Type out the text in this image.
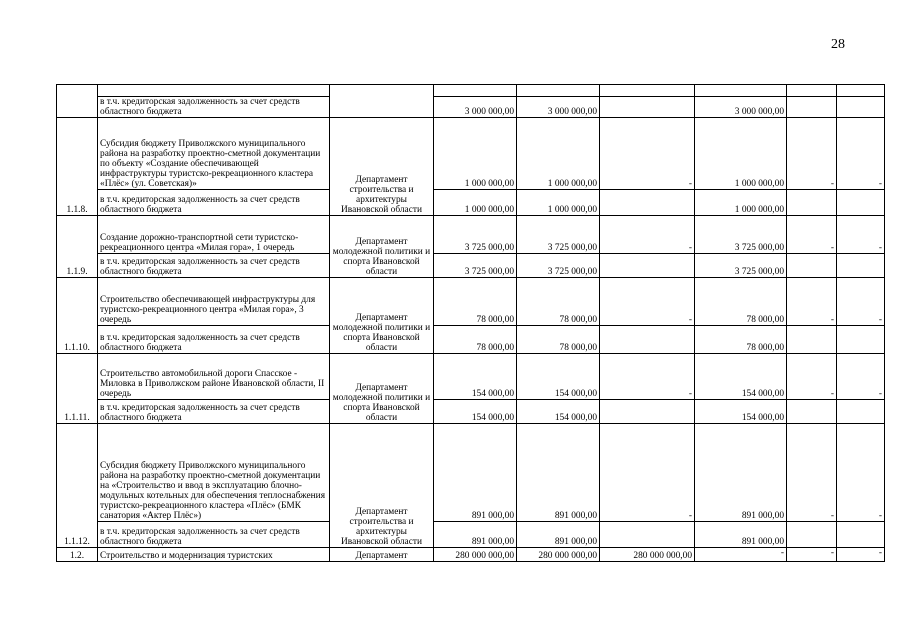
28

	в т.ч. кредиторская задолженность за счет средств областного бюджета		3 000 000,00	3 000 000,00		3 000 000,00		
1.1.8.	Субсидия бюджету Приволжского муниципального района на разработку проектно-сметной документации по объекту «Создание обеспечивающей инфраструктуры туристско-рекреационного кластера «Плёс» (ул. Советская)»	Департамент строительства и архитектуры Ивановской области	1 000 000,00	1 000 000,00	-	1 000 000,00	-	-
	в т.ч. кредиторская задолженность за счет средств областного бюджета		1 000 000,00	1 000 000,00		1 000 000,00		
1.1.9.	Создание дорожно-транспортной сети туристско-рекреационного центра «Милая гора», 1 очередь	Департамент молодежной политики и спорта Ивановской области	3 725 000,00	3 725 000,00	-	3 725 000,00	-	-
	в т.ч. кредиторская задолженность за счет средств областного бюджета		3 725 000,00	3 725 000,00		3 725 000,00		
1.1.10.	Строительство обеспечивающей инфраструктуры для туристско-рекреационного центра «Милая гора», 3 очередь	Департамент молодежной политики и спорта Ивановской области	78 000,00	78 000,00	-	78 000,00	-	-
	в т.ч. кредиторская задолженность за счет средств областного бюджета		78 000,00	78 000,00		78 000,00		
1.1.11.	Строительство автомобильной дороги Спасское - Миловка в Приволжском районе Ивановской области, II очередь	Департамент молодежной политики и спорта Ивановской области	154 000,00	154 000,00	-	154 000,00	-	-
	в т.ч. кредиторская задолженность за счет средств областного бюджета		154 000,00	154 000,00		154 000,00		
1.1.12.	Субсидия бюджету Приволжского муниципального района на разработку проектно-сметной документации на «Строительство и ввод в эксплуатацию блочно-модульных котельных для обеспечения теплоснабжения туристско-рекреационного кластера «Плёс» (БМК санатория «Актер Плёс»)	Департамент строительства и архитектуры Ивановской области	891 000,00	891 000,00	-	891 000,00	-	-
	в т.ч. кредиторская задолженность за счет средств областного бюджета		891 000,00	891 000,00		891 000,00		
1.2.	Строительство и модернизация туристских	Департамент	280 000 000,00	280 000 000,00	280 000 000,00	-	-	-
